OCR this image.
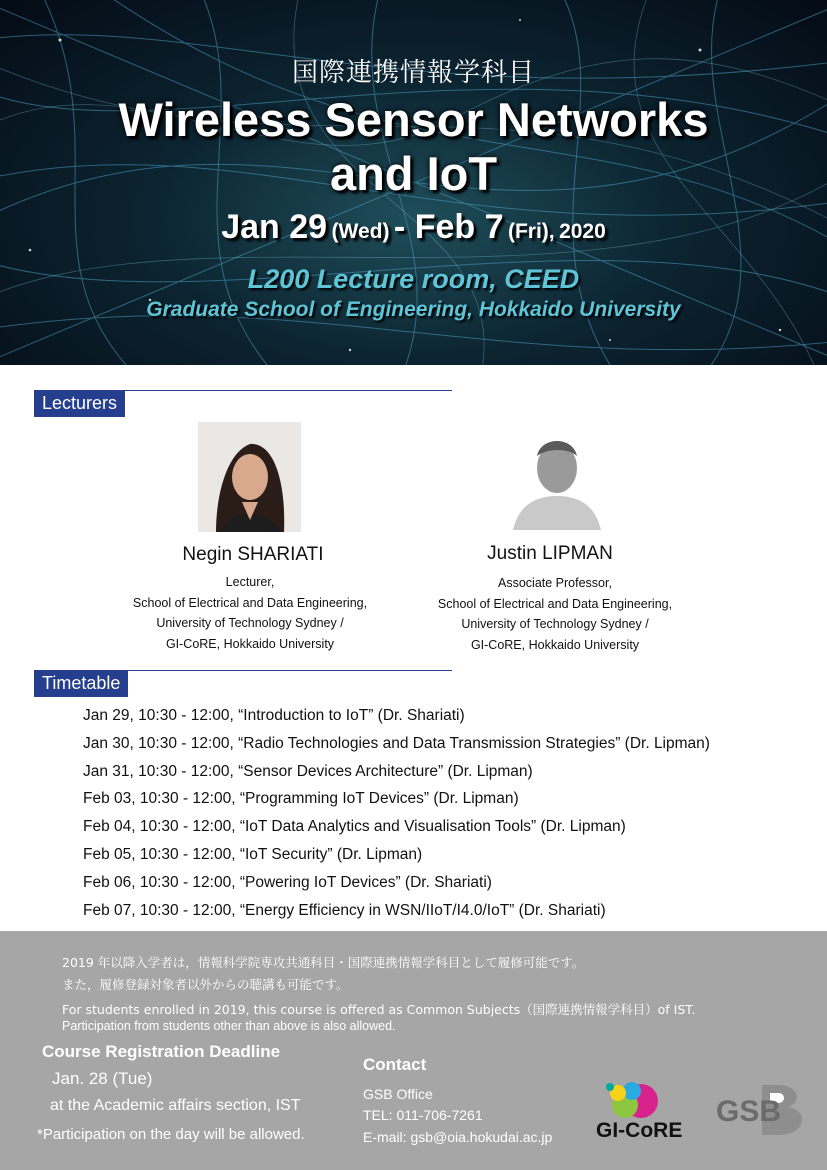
国際連携情報学科目
Wireless Sensor Networks
and IoT
Jan 29 (Wed) - Feb 7 (Fri), 2020
L200 Lecture room, CEED
Graduate School of Engineering, Hokkaido University
Lecturers
Negin SHARIATI
Lecturer,
School of Electrical and Data Engineering,
University of Technology Sydney /
GI-CoRE, Hokkaido University
Justin LIPMAN
Associate Professor,
School of Electrical and Data Engineering,
University of Technology Sydney /
GI-CoRE, Hokkaido University
Timetable
Jan 29, 10:30 - 12:00, “Introduction to IoT” (Dr. Shariati)
Jan 30, 10:30 - 12:00, “Radio Technologies and Data Transmission Strategies” (Dr. Lipman)
Jan 31, 10:30 - 12:00, “Sensor Devices Architecture” (Dr. Lipman)
Feb 03, 10:30 - 12:00, “Programming IoT Devices” (Dr. Lipman)
Feb 04, 10:30 - 12:00, “IoT Data Analytics and Visualisation Tools” (Dr. Lipman)
Feb 05, 10:30 - 12:00, “IoT Security” (Dr. Lipman)
Feb 06, 10:30 - 12:00, “Powering IoT Devices” (Dr. Shariati)
Feb 07, 10:30 - 12:00, “Energy Efficiency in WSN/IIoT/I4.0/IoT” (Dr. Shariati)
2019 年以降入学者は，情報科学院専攻共通科目・国際連携情報学科目として履修可能です。
また，履修登録対象者以外からの聴講も可能です。
For students enrolled in 2019, this course is offered as Common Subjects（国際連携情報学科目）of IST.
Participation from students other than above is also allowed.
Course Registration Deadline
Jan. 28 (Tue)
at the Academic affairs section, IST
*Participation on the day will be allowed.
Contact
GSB Office
TEL: 011-706-7261
E-mail: gsb@oia.hokudai.ac.jp GI-CoRE
GSB
